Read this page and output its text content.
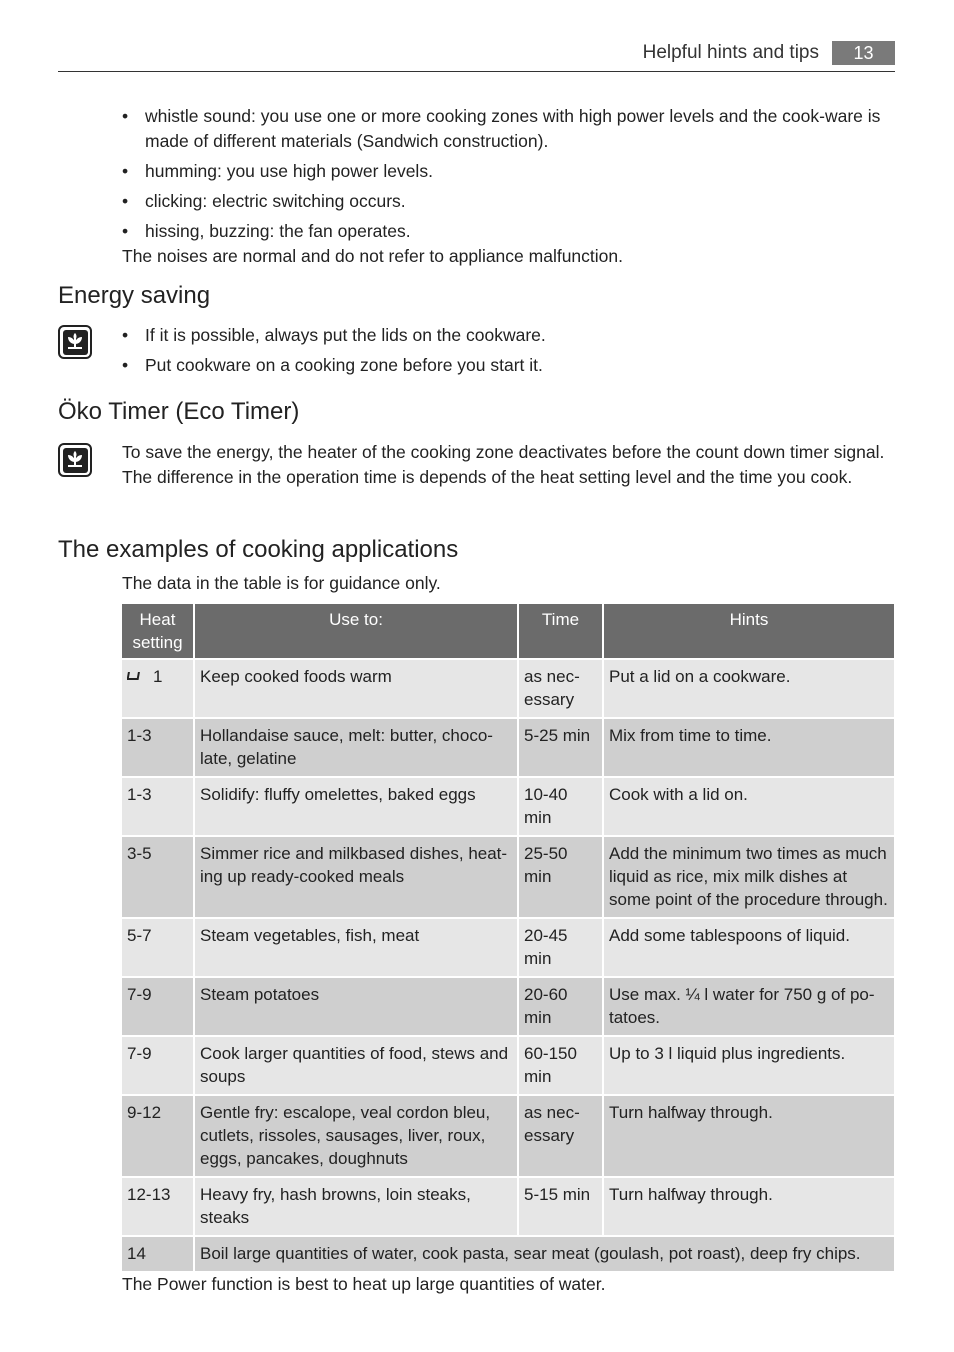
Helpful hints and tips	13
• whistle sound: you use one or more cooking zones with high power levels and the cook-ware is made of different materials (Sandwich construction).
• humming: you use high power levels.
• clicking: electric switching occurs.
• hissing, buzzing: the fan operates.

The noises are normal and do not refer to appliance malfunction.

Energy saving
• If it is possible, always put the lids on the cookware.
• Put cookware on a cooking zone before you start it.
Öko Timer (Eco Timer)

To save the energy, the heater of the cooking zone deactivates before the count down timer signal. The difference in the operation time is depends of the heat setting level and the time you cook.

The examples of cooking applications

The data in the table is for guidance only.

Heat setting	Use to:	Time	Hints
1	Keep cooked foods warm	as nec-essary	Put a lid on a cookware.
1-3	Hollandaise sauce, melt: butter, choco-late, gelatine	5-25 min	Mix from time to time.
1-3	Solidify: fluffy omelettes, baked eggs	10-40 min	Cook with a lid on.
3-5	Simmer rice and milkbased dishes, heat-ing up ready-cooked meals	25-50 min	Add the minimum two times as much liquid as rice, mix milk dishes at some point of the procedure through.
5-7	Steam vegetables, fish, meat	20-45 min	Add some tablespoons of liquid.
7-9	Steam potatoes	20-60 min	Use max. ¼ l water for 750 g of po-tatoes.
7-9	Cook larger quantities of food, stews and soups	60-150 min	Up to 3 l liquid plus ingredients.
9-12	Gentle fry: escalope, veal cordon bleu, cutlets, rissoles, sausages, liver, roux, eggs, pancakes, doughnuts	as nec-essary	Turn halfway through.
12-13	Heavy fry, hash browns, loin steaks, steaks	5-15 min	Turn halfway through.
14	Boil large quantities of water, cook pasta, sear meat (goulash, pot roast), deep fry chips.		

The Power function is best to heat up large quantities of water.
